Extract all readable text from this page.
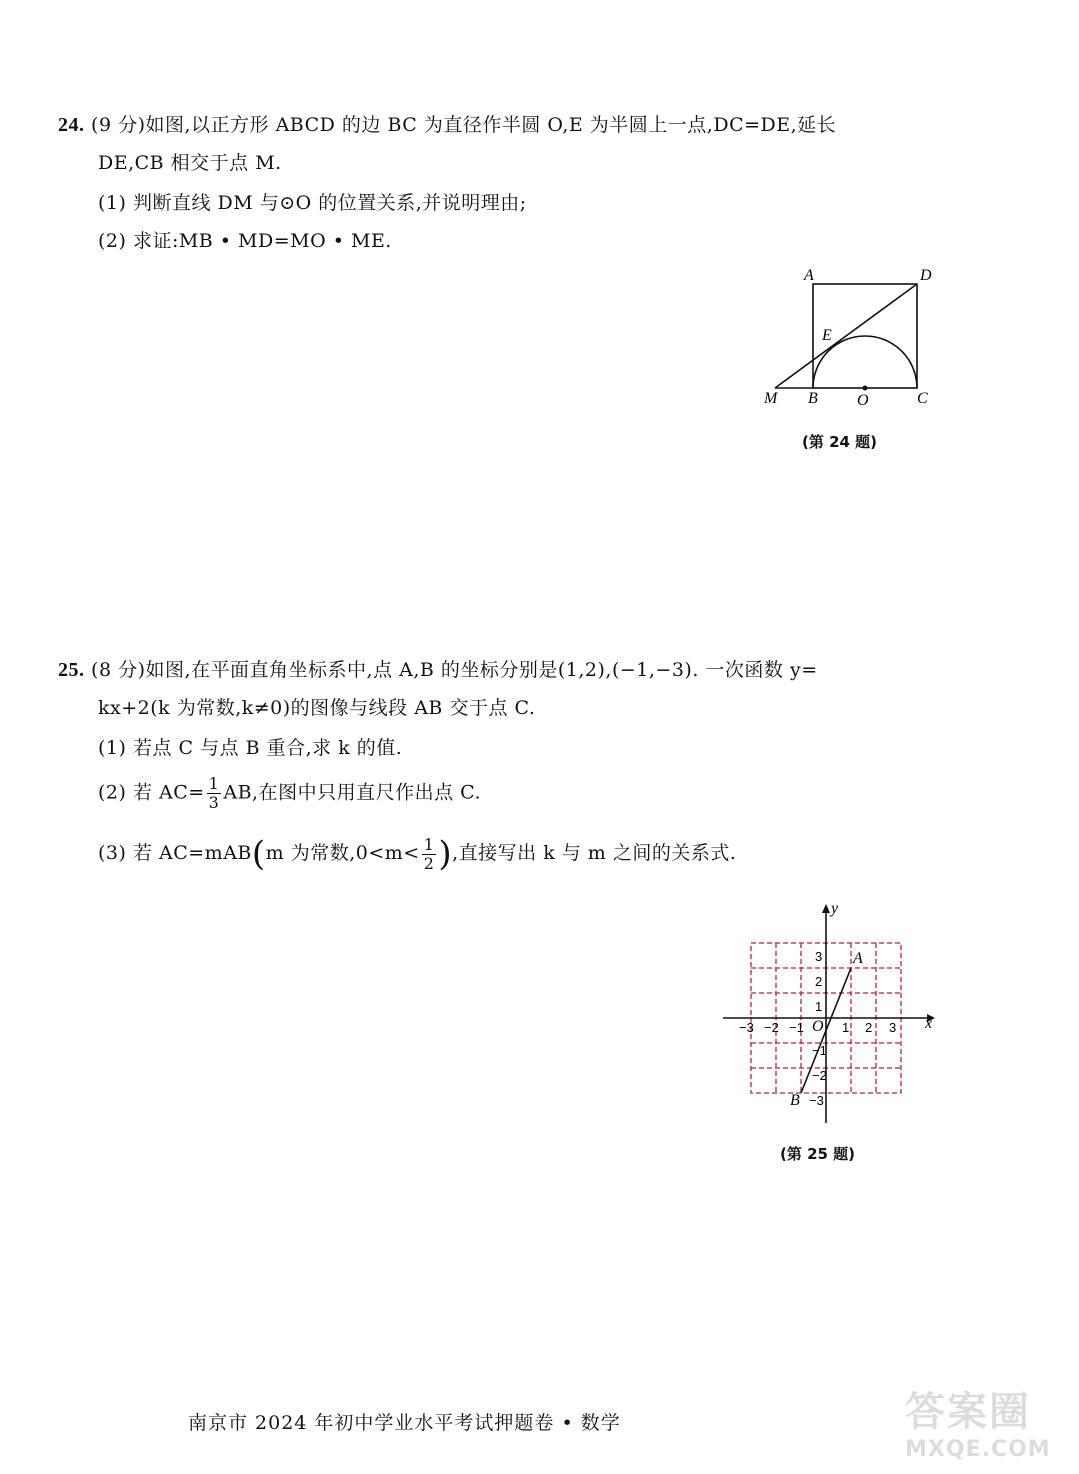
24. (9 分)如图,以正方形 ABCD 的边 BC 为直径作半圆 O,E 为半圆上一点,DC=DE,延长
DE,CB 相交于点 M.
(1) 判断直线 DM 与⊙O 的位置关系,并说明理由;
(2) 求证:MB • MD=MO • ME.
A	D
E
M B O	C
(第 24 题)
25. (8 分)如图,在平面直角坐标系中,点 A,B 的坐标分别是(1,2),(−1,−3). 一次函数 y=
kx+2(k 为常数,k≠0)的图像与线段 AB 交于点 C.
(1) 若点 C 与点 B 重合,求 k 的值.
(2) 若 $AC= \frac{1}{3}$ AB,在图中只用直尺作出点 C.
(3) 若 AC=mAB(m 为常数$,0<m< \frac{1}{2}$ ),直接写出 k 与 m 之间的关系式.
y
x
O
A
B
−3 −2 −1	1 2 3
3
2
1
−1
−2
−3
(第 25 题)
南京市 2024 年初中学业水平考试押题卷 • 数学	答案圈
MXQE.COM
